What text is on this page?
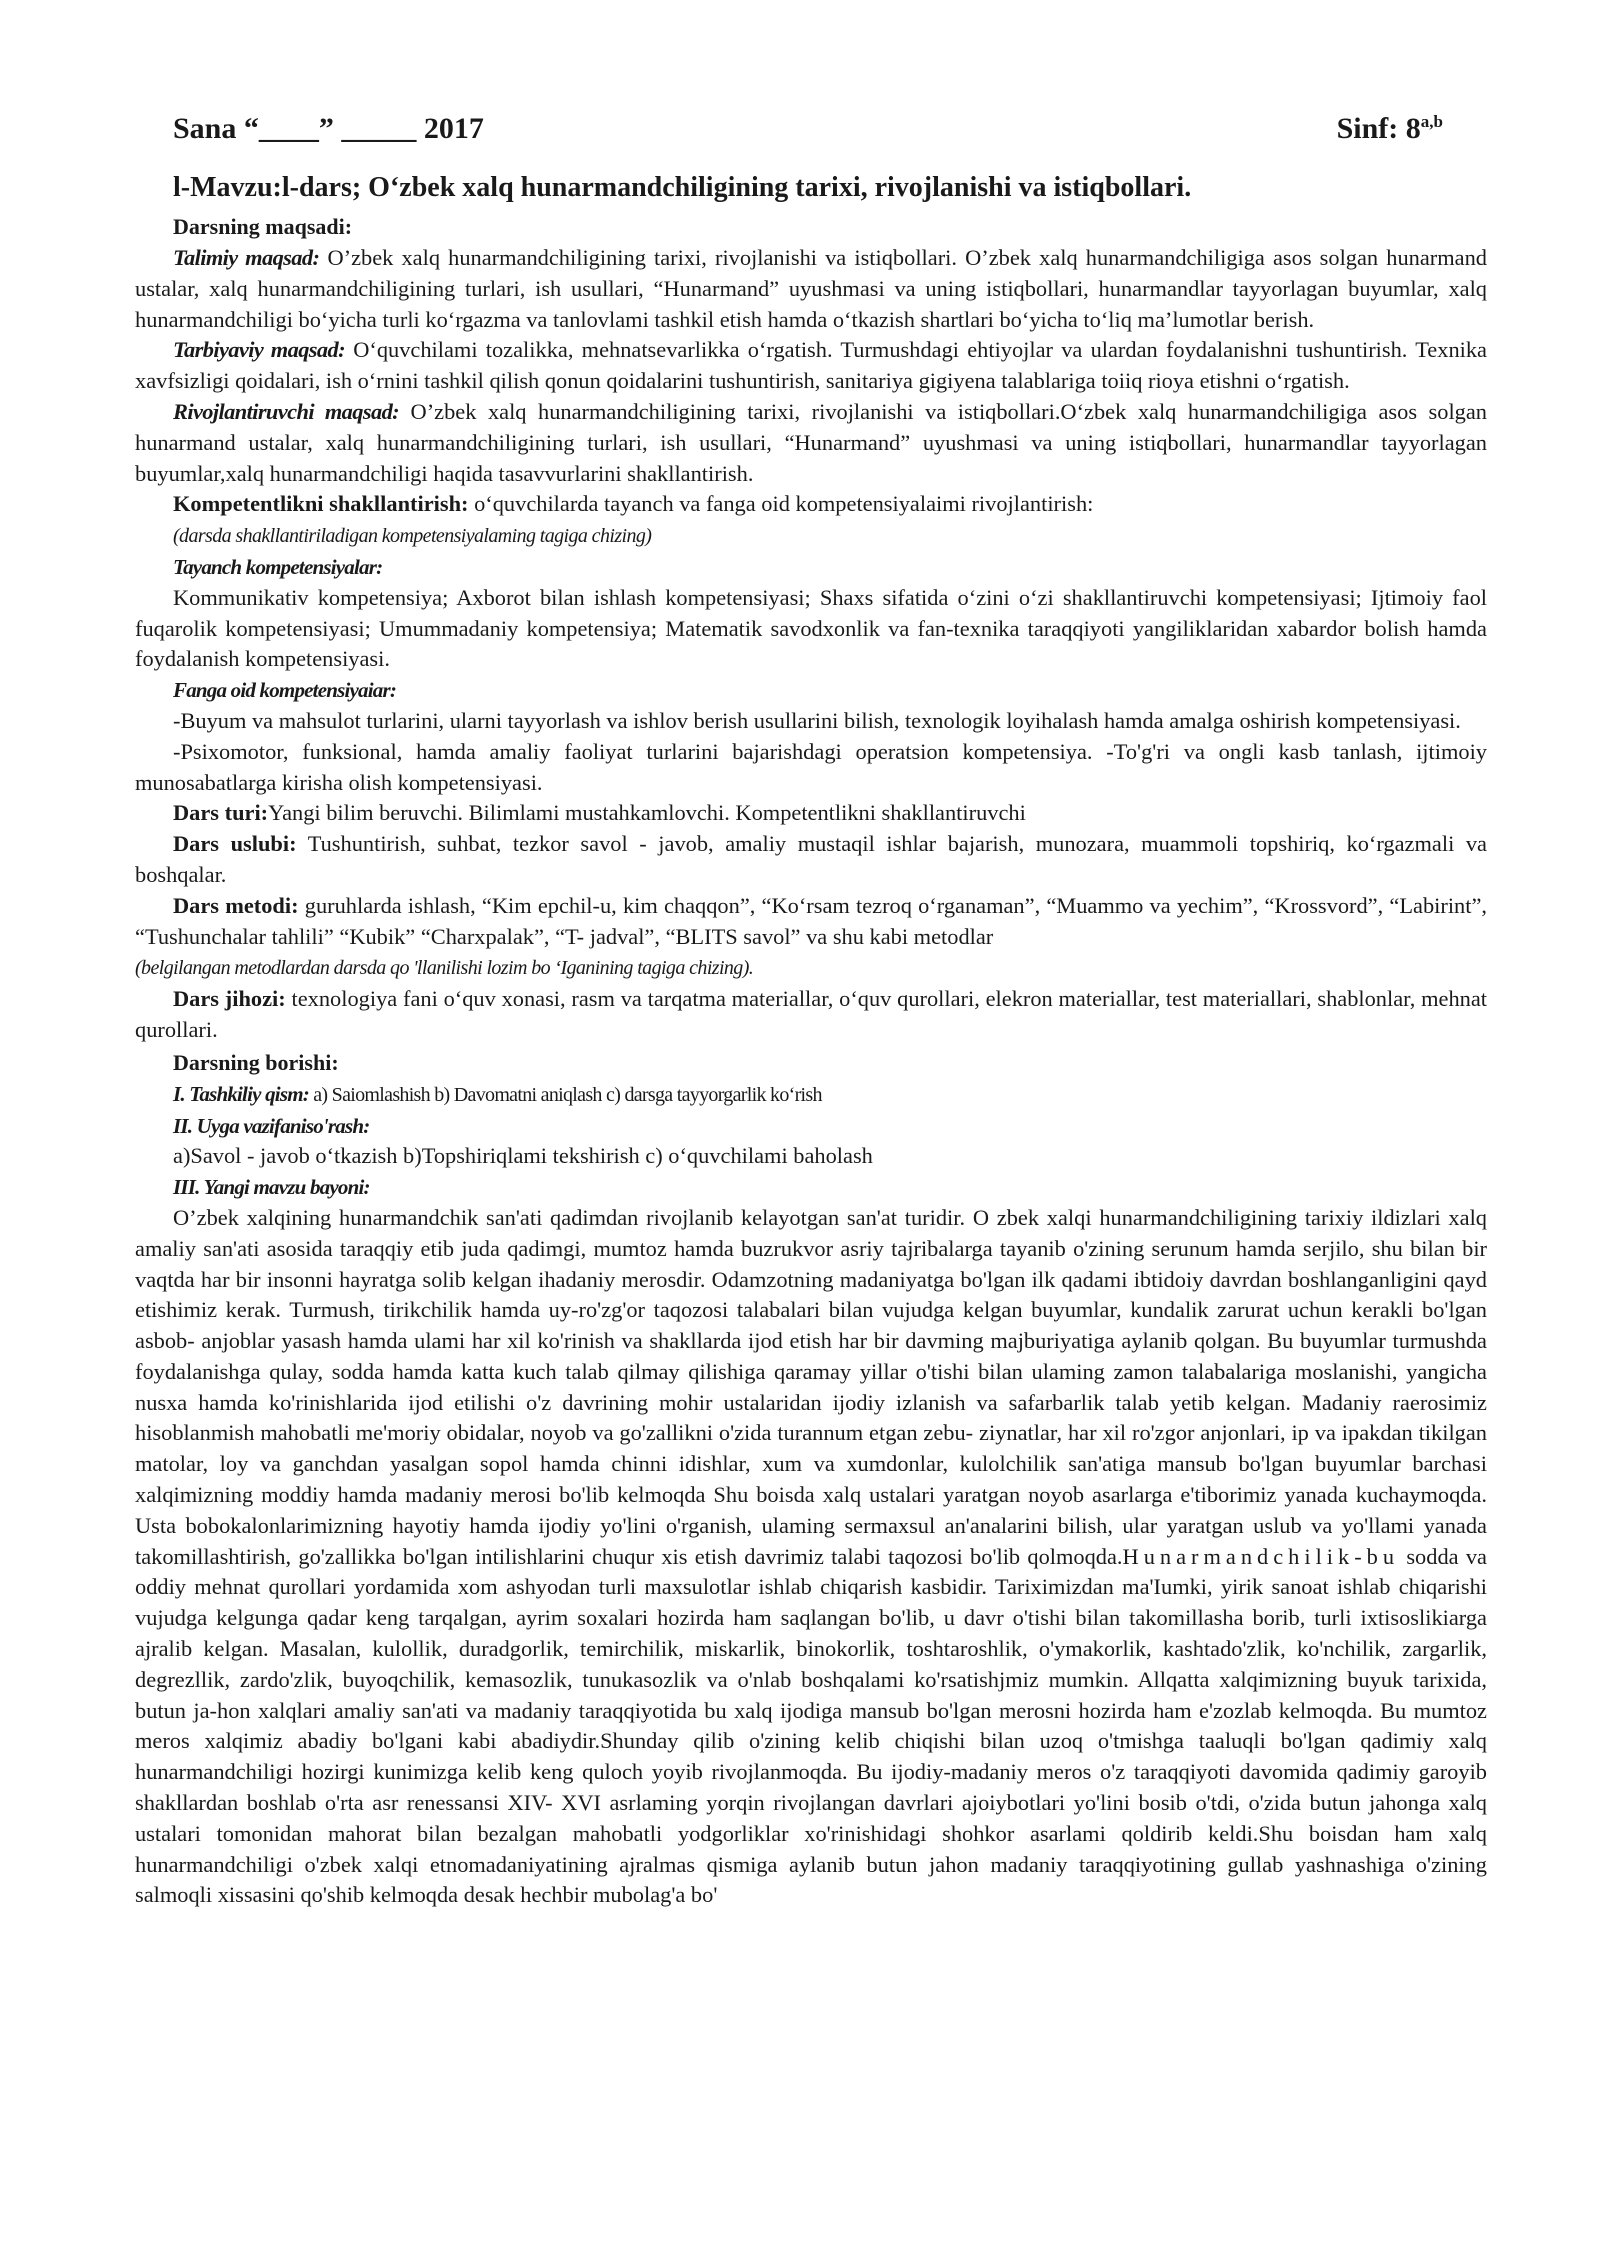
Sana “____” _____ 2017	Sinf: 8$^{a,b}$
l-Mavzu:l-dars; O‘zbek xalq hunarmandchiligining tarixi, rivojlanishi va istiqbollari.
Darsning maqsadi:

Talimiy maqsad: O’zbek xalq hunarmandchiligining tarixi, rivojlanishi va istiqbollari. O’zbek xalq hunarmandchiligiga asos solgan hunarmand ustalar, xalq hunarmandchiligining turlari, ish usullari, “Hunarmand” uyushmasi va uning istiqbollari, hunarmandlar tayyorlagan buyumlar, xalq hunarmandchiligi bo‘yicha turli ko‘rgazma va tanlovlami tashkil etish hamda o‘tkazish shartlari bo‘yicha to‘liq ma’lumotlar berish.

Tarbiyaviy maqsad: O‘quvchilami tozalikka, mehnatsevarlikka o‘rgatish. Turmushdagi ehtiyojlar va ulardan foydalanishni tushuntirish. Texnika xavfsizligi qoidalari, ish o‘rnini tashkil qilish qonun qoidalarini tushuntirish, sanitariya gigiyena talablariga toiiq rioya etishni o‘rgatish.

Rivojlantiruvchi maqsad: O’zbek xalq hunarmandchiligining tarixi, rivojlanishi va istiqbollari.O‘zbek xalq hunarmandchiligiga asos solgan hunarmand ustalar, xalq hunarmandchiligining turlari, ish usullari, “Hunarmand” uyushmasi va uning istiqbollari, hunarmandlar tayyorlagan buyumlar,xalq hunarmandchiligi haqida tasavvurlarini shakllantirish.

Kompetentlikni shakllantirish: o‘quvchilarda tayanch va fanga oid kompetensiyalaimi rivojlantirish:

(darsda shakllantiriladigan kompetensiyalaming tagiga chizing)

Tayanch kompetensiyalar:

Kommunikativ kompetensiya; Axborot bilan ishlash kompetensiyasi; Shaxs sifatida o‘zini o‘zi shakllantiruvchi kompetensiyasi; Ijtimoiy faol fuqarolik kompetensiyasi; Umummadaniy kompetensiya; Matematik savodxonlik va fan-texnika taraqqiyoti yangiliklaridan xabardor bolish hamda foydalanish kompetensiyasi.

Fanga oid kompetensiyaiar:

-Buyum va mahsulot turlarini, ularni tayyorlash va ishlov berish usullarini bilish, texnologik loyihalash hamda amalga oshirish kompetensiyasi.

-Psixomotor, funksional, hamda amaliy faoliyat turlarini bajarishdagi operatsion kompetensiya. -To'g'ri va ongli kasb tanlash, ijtimoiy munosabatlarga kirisha olish kompetensiyasi.

Dars turi:Yangi bilim beruvchi. Bilimlami mustahkamlovchi. Kompetentlikni shakllantiruvchi

Dars uslubi: Tushuntirish, suhbat, tezkor savol - javob, amaliy mustaqil ishlar bajarish, munozara, muammoli topshiriq, ko‘rgazmali va boshqalar.

Dars metodi: guruhlarda ishlash, “Kim epchil-u, kim chaqqon”, “Ko‘rsam tezroq o‘rganaman”, “Muammo va yechim”, “Krossvord”, “Labirint”, “Tushunchalar tahlili” “Kubik” “Charxpalak”, “T- jadval”, “BLITS savol” va shu kabi metodlar

(belgilangan metodlardan darsda qo 'llanilishi lozim bo ‘Iganining tagiga chizing).

Dars jihozi: texnologiya fani o‘quv xonasi, rasm va tarqatma materiallar, o‘quv qurollari, elekron materiallar, test materiallari, shablonlar, mehnat qurollari.

Darsning borishi:

I. Tashkiliy qism: a) Saiomlashish b) Davomatni aniqlash c) darsga tayyorgarlik ko‘rish

II. Uyga vazifaniso'rash:

a)Savol - javob o‘tkazish b)Topshiriqlami tekshirish c) o‘quvchilami baholash

III. Yangi mavzu bayoni:

O’zbek xalqining hunarmandchik san'ati qadimdan rivojlanib kelayotgan san'at turidir. O zbek xalqi hunarmandchiligining tarixiy ildizlari xalq amaliy san'ati asosida taraqqiy etib juda qadimgi, mumtoz hamda buzrukvor asriy tajribalarga tayanib o'zining serunum hamda serjilo, shu bilan bir vaqtda har bir insonni hayratga solib kelgan ihadaniy merosdir. Odamzotning madaniyatga bo'lgan ilk qadami ibtidoiy davrdan boshlanganligini qayd etishimiz kerak. Turmush, tirikchilik hamda uy-ro'zg'or taqozosi talabalari bilan vujudga kelgan buyumlar, kundalik zarurat uchun kerakli bo'lgan asbob- anjoblar yasash hamda ulami har xil ko'rinish va shakllarda ijod etish har bir davming majburiyatiga aylanib qolgan. Bu buyumlar turmushda foydalanishga qulay, sodda hamda katta kuch talab qilmay qilishiga qaramay yillar o'tishi bilan ulaming zamon talabalariga moslanishi, yangicha nusxa hamda ko'rinishlarida ijod etilishi o'z davrining mohir ustalaridan ijodiy izlanish va safarbarlik talab yetib kelgan. Madaniy raerosimiz hisoblanmish mahobatli me'moriy obidalar, noyob va go'zallikni o'zida turannum etgan zebu- ziynatlar, har xil ro'zgor anjonlari, ip va ipakdan tikilgan matolar, loy va ganchdan yasalgan sopol hamda chinni idishlar, xum va xumdonlar, kulolchilik san'atiga mansub bo'lgan buyumlar barchasi xalqimizning moddiy hamda madaniy merosi bo'lib kelmoqda Shu boisda xalq ustalari yaratgan noyob asarlarga e'tiborimiz yanada kuchaymoqda. Usta bobokalonlarimizning hayotiy hamda ijodiy yo'lini o'rganish, ulaming sermaxsul an'analarini bilish, ular yaratgan uslub va yo'llami yanada takomillashtirish, go'zallikka bo'lgan intilishlarini chuqur xis etish davrimiz talabi taqozosi bo'lib qolmoqda.Hunarmandchilik-bu sodda va oddiy mehnat qurollari yordamida xom ashyodan turli maxsulotlar ishlab chiqarish kasbidir. Tariximizdan ma'Iumki, yirik sanoat ishlab chiqarishi vujudga kelgunga qadar keng tarqalgan, ayrim soxalari hozirda ham saqlangan bo'lib, u davr o'tishi bilan takomillasha borib, turli ixtisoslikiarga ajralib kelgan. Masalan, kulollik, duradgorlik, temirchilik, miskarlik, binokorlik, toshtaroshlik, o'ymakorlik, kashtado'zlik, ko'nchilik, zargarlik, degrezllik, zardo'zlik, buyoqchilik, kemasozlik, tunukasozlik va o'nlab boshqalami ko'rsatishjmiz mumkin. Allqatta xalqimizning buyuk tarixida, butun ja-hon xalqlari amaliy san'ati va madaniy taraqqiyotida bu xalq ijodiga mansub bo'lgan merosni hozirda ham e'zozlab kelmoqda. Bu mumtoz meros xalqimiz abadiy bo'lgani kabi abadiydir.Shunday qilib o'zining kelib chiqishi bilan uzoq o'tmishga taaluqli bo'lgan qadimiy xalq hunarmandchiligi hozirgi kunimizga kelib keng quloch yoyib rivojlanmoqda. Bu ijodiy-madaniy meros o'z taraqqiyoti davomida qadimiy garoyib shakllardan boshlab o'rta asr renessansi XIV- XVI asrlaming yorqin rivojlangan davrlari ajoiybotlari yo'lini bosib o'tdi, o'zida butun jahonga xalq ustalari tomonidan mahorat bilan bezalgan mahobatli yodgorliklar xo'rinishidagi shohkor asarlami qoldirib keldi.Shu boisdan ham xalq hunarmandchiligi o'zbek xalqi etnomadaniyatining ajralmas qismiga aylanib butun jahon madaniy taraqqiyotining gullab yashnashiga o'zining salmoqli xissasini qo'shib kelmoqda desak hechbir mubolag'a bo'
